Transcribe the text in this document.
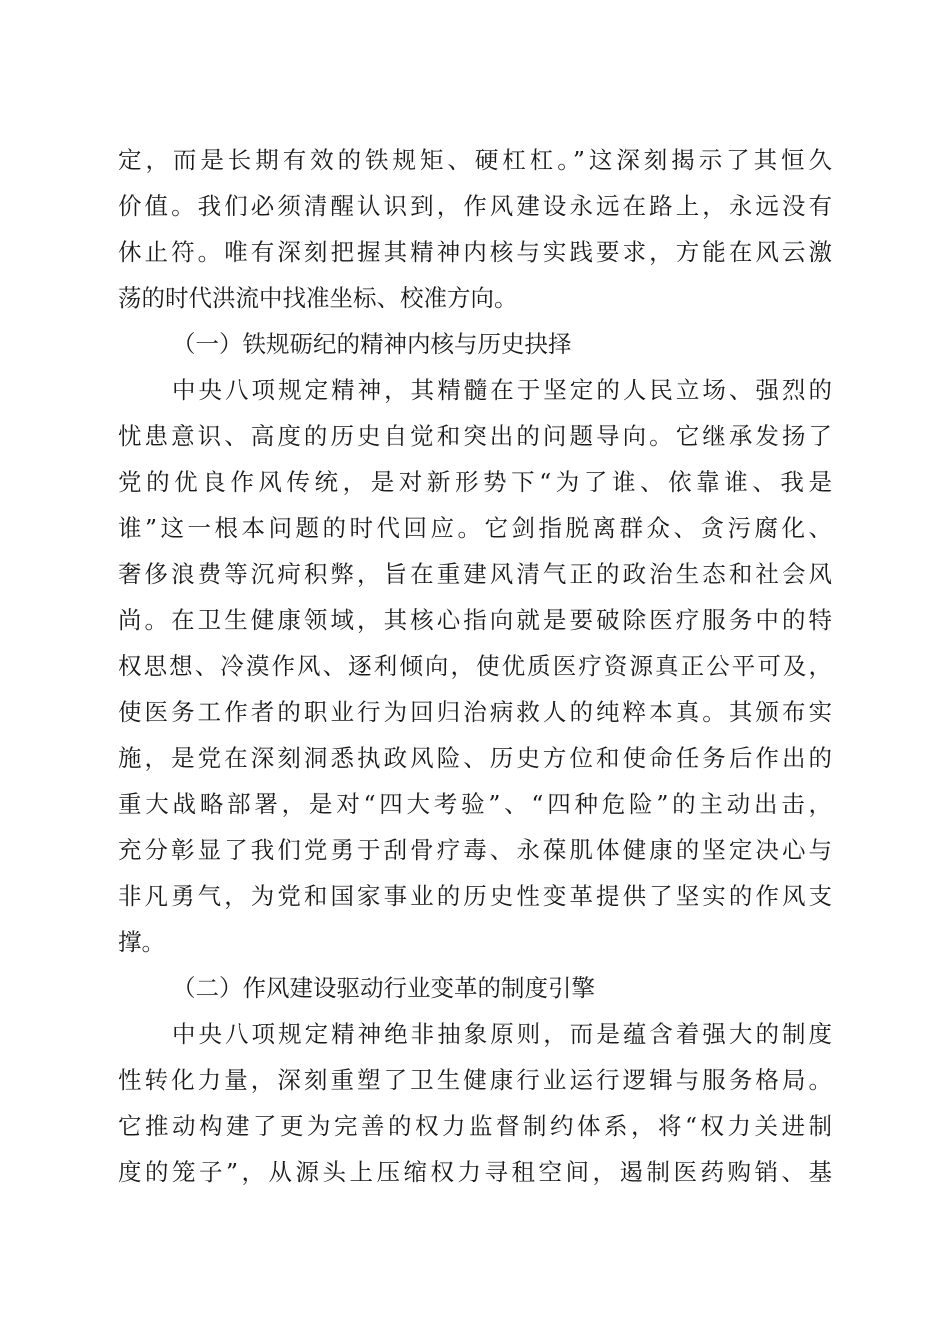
定，而是长期有效的铁规矩、硬杠杠。”这深刻揭示了其恒久
价值。我们必须清醒认识到，作风建设永远在路上，永远没有
休止符。唯有深刻把握其精神内核与实践要求，方能在风云激
荡的时代洪流中找准坐标、校准方向。
（一）铁规砺纪的精神内核与历史抉择
中央八项规定精神，其精髓在于坚定的人民立场、强烈的
忧患意识、高度的历史自觉和突出的问题导向。它继承发扬了
党的优良作风传统，是对新形势下“为了谁、依靠谁、我是
谁”这一根本问题的时代回应。它剑指脱离群众、贪污腐化、
奢侈浪费等沉疴积弊，旨在重建风清气正的政治生态和社会风
尚。在卫生健康领域，其核心指向就是要破除医疗服务中的特
权思想、冷漠作风、逐利倾向，使优质医疗资源真正公平可及，
使医务工作者的职业行为回归治病救人的纯粹本真。其颁布实
施，是党在深刻洞悉执政风险、历史方位和使命任务后作出的
重大战略部署，是对“四大考验”、“四种危险”的主动出击，
充分彰显了我们党勇于刮骨疗毒、永葆肌体健康的坚定决心与
非凡勇气，为党和国家事业的历史性变革提供了坚实的作风支
撑。
（二）作风建设驱动行业变革的制度引擎
中央八项规定精神绝非抽象原则，而是蕴含着强大的制度
性转化力量，深刻重塑了卫生健康行业运行逻辑与服务格局。
它推动构建了更为完善的权力监督制约体系，将“权力关进制
度的笼子”，从源头上压缩权力寻租空间，遏制医药购销、基
